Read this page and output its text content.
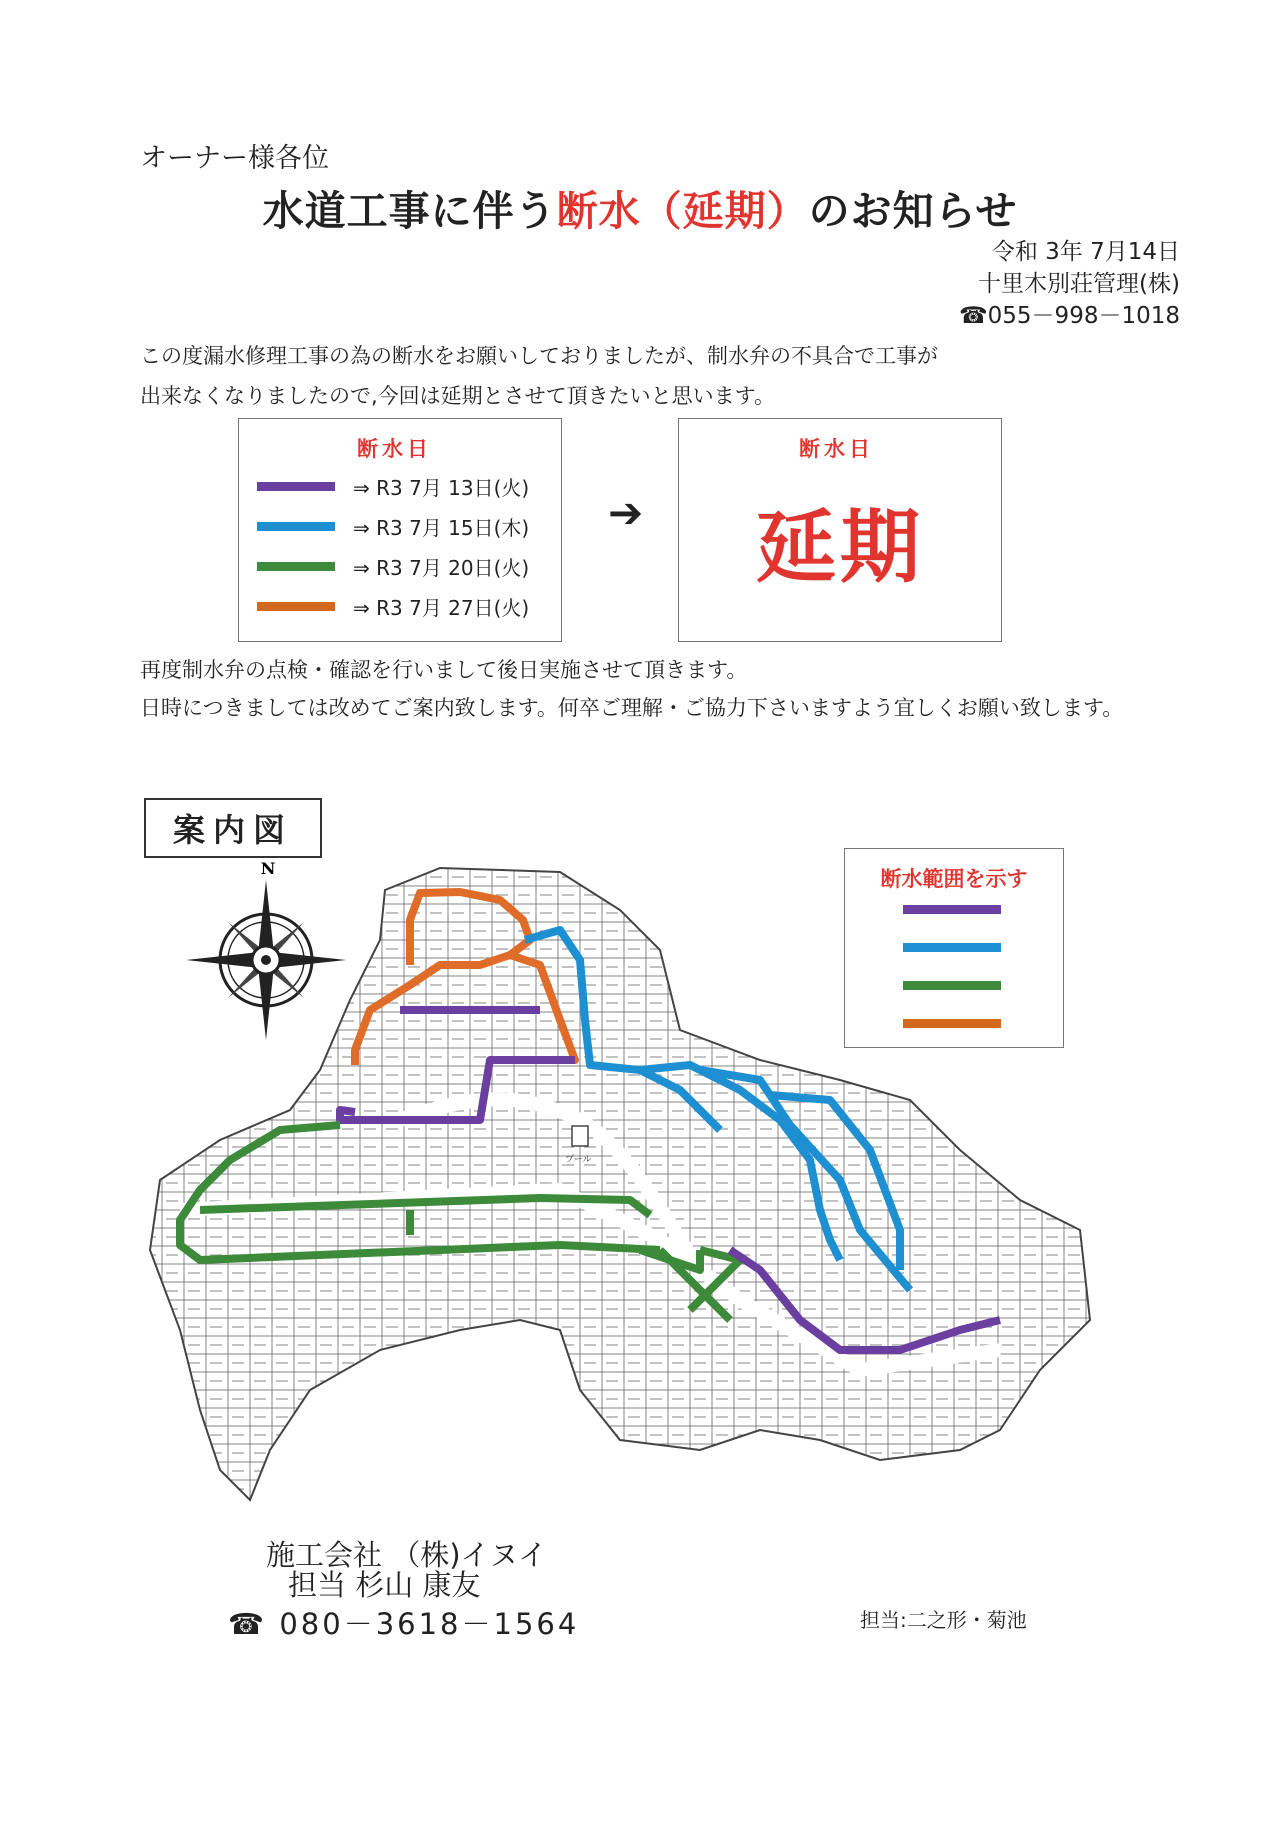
オーナー様各位
水道工事に伴う断水（延期）のお知らせ
令和 3年 7月14日
十里木別荘管理(株)
☎055－998－1018
この度漏水修理工事の為の断水をお願いしておりましたが、制水弁の不具合で工事が
出来なくなりましたので,今回は延期とさせて頂きたいと思います。
断水日
⇒ R3 7月 13日(火)
⇒ R3 7月 15日(木)
⇒ R3 7月 20日(火)
⇒ R3 7月 27日(火)
➔
断水日
延期
再度制水弁の点検・確認を行いまして後日実施させて頂きます。
日時につきましては改めてご案内致します。何卒ご理解・ご協力下さいますよう宜しくお願い致します。
案内図
N
プール
断水範囲を示す
施工会社 （株)イヌイ
担当 杉山 康友
☎ 080－3618－1564	担当:二之形・菊池
